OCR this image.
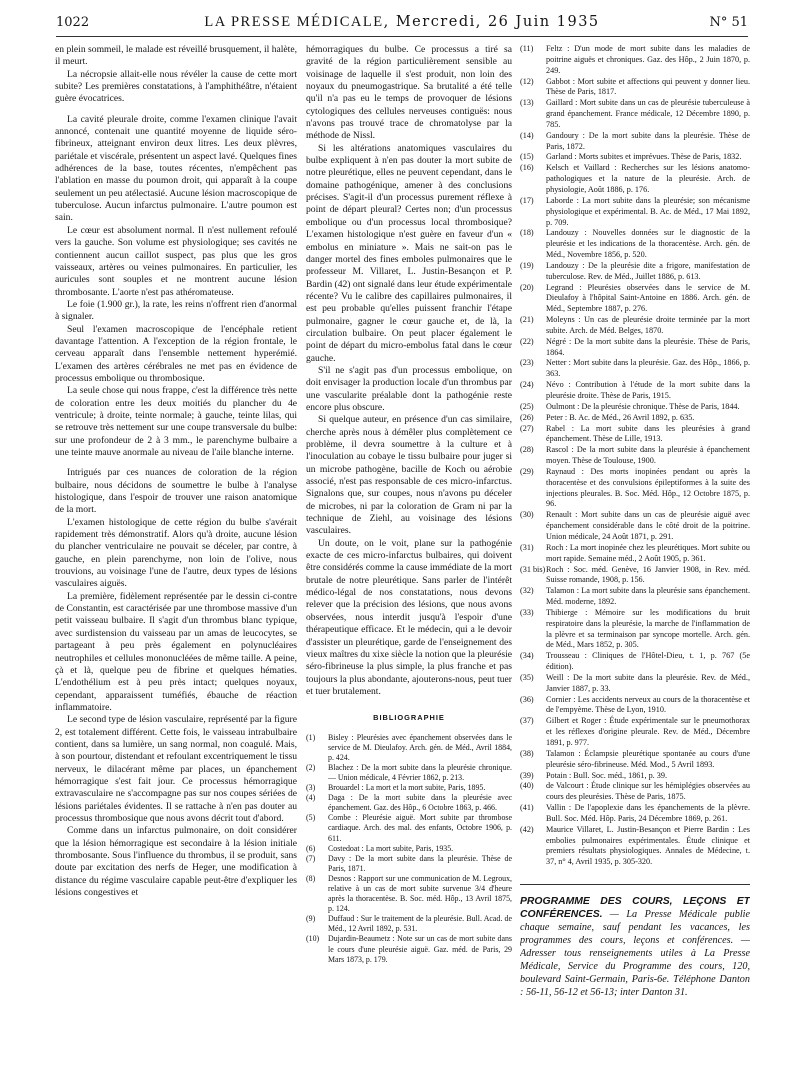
1022	LA PRESSE MÉDICALE, Mercredi, 26 Juin 1935	N° 51

en plein sommeil, le malade est réveillé brusquement, il halète, il meurt.

La nécropsie allait-elle nous révéler la cause de cette mort subite? Les premières constatations, à l'amphithéâtre, n'étaient guère évocatrices.

La cavité pleurale droite, comme l'examen clinique l'avait annoncé, contenait une quantité moyenne de liquide séro-fibrineux, atteignant environ deux litres. Les deux plèvres, pariétale et viscérale, présentent un aspect lavé. Quelques fines adhérences de la base, toutes récentes, n'empêchent pas l'ablation en masse du poumon droit, qui apparaît à la coupe seulement un peu atélectasié. Aucune lésion macroscopique de tuberculose. Aucun infarctus pulmonaire. L'autre poumon est sain.

Le cœur est absolument normal. Il n'est nullement refoulé vers la gauche. Son volume est physiologique; ses cavités ne contiennent aucun caillot suspect, pas plus que les gros vaisseaux, artères ou veines pulmonaires. En particulier, les auricules sont souples et ne montrent aucune lésion thrombosante. L'aorte n'est pas athéromateuse.

Le foie (1.900 gr.), la rate, les reins n'offrent rien d'anormal à signaler.

Seul l'examen macroscopique de l'encéphale retient davantage l'attention. A l'exception de la région frontale, le cerveau apparaît dans l'ensemble nettement hyperémié. L'examen des artères cérébrales ne met pas en évidence de processus embolique ou thrombosique.

La seule chose qui nous frappe, c'est la différence très nette de coloration entre les deux moitiés du plancher du 4e ventricule; à droite, teinte normale; à gauche, teinte lilas, qui se retrouve très nettement sur une coupe transversale du bulbe: sur une profondeur de 2 à 3 mm., le parenchyme bulbaire a une teinte mauve anormale au niveau de l'aile blanche interne.

Intrigués par ces nuances de coloration de la région bulbaire, nous décidons de soumettre le bulbe à l'analyse histologique, dans l'espoir de trouver une raison anatomique de la mort.

L'examen histologique de cette région du bulbe s'avérait rapidement très démonstratif. Alors qu'à droite, aucune lésion du plancher ventriculaire ne pouvait se déceler, par contre, à gauche, en plein parenchyme, non loin de l'olive, nous trouvions, au voisinage l'une de l'autre, deux types de lésions vasculaires aiguës.

La première, fidèlement représentée par le dessin ci-contre de Constantin, est caractérisée par une thrombose massive d'un petit vaisseau bulbaire. Il s'agit d'un thrombus blanc typique, avec surdistension du vaisseau par un amas de leucocytes, se partageant à peu près également en polynucléaires neutrophiles et cellules mononucléées de même taille. A peine, çà et là, quelque peu de fibrine et quelques hématies. L'endothélium est à peu près intact; quelques noyaux, cependant, apparaissent tuméfiés, ébauche de réaction inflammatoire.

Le second type de lésion vasculaire, représenté par la figure 2, est totalement différent. Cette fois, le vaisseau intrabulbaire contient, dans sa lumière, un sang normal, non coagulé. Mais, à son pourtour, distendant et refoulant excentriquement le tissu nerveux, le dilacérant même par places, un épanchement hémorragique s'est fait jour. Ce processus hémorragique extravasculaire ne s'accompagne pas sur nos coupes sériées de lésions pariétales évidentes. Il se rattache à n'en pas douter au processus thrombosique que nous avons décrit tout d'abord.

Comme dans un infarctus pulmonaire, on doit considérer que la lésion hémorragique est secondaire à la lésion initiale thrombosante. Sous l'influence du thrombus, il se produit, sans doute par excitation des nerfs de Heger, une modification à distance du régime vasculaire capable peut-être d'expliquer les lésions congestives et

hémorragiques du bulbe. Ce processus a tiré sa gravité de la région particulièrement sensible au voisinage de laquelle il s'est produit, non loin des noyaux du pneumogastrique. Sa brutalité a été telle qu'il n'a pas eu le temps de provoquer de lésions cytologiques des cellules nerveuses contiguës: nous n'avons pas trouvé trace de chromatolyse par la méthode de Nissl.

Si les altérations anatomiques vasculaires du bulbe expliquent à n'en pas douter la mort subite de notre pleurétique, elles ne peuvent cependant, dans le domaine pathogénique, amener à des conclusions précises. S'agit-il d'un processus purement réflexe à point de départ pleural? Certes non; d'un processus embolique ou d'un processus local thrombosique? L'examen histologique n'est guère en faveur d'un « embolus en miniature ». Mais ne sait-on pas le danger mortel des fines emboles pulmonaires que le professeur M. Villaret, L. Justin-Besançon et P. Bardin (42) ont signalé dans leur étude expérimentale récente? Vu le calibre des capillaires pulmonaires, il est peu probable qu'elles puissent franchir l'étape pulmonaire, gagner le cœur gauche et, de là, la circulation bulbaire. On peut placer également le point de départ du micro-embolus fatal dans le cœur gauche.

S'il ne s'agit pas d'un processus embolique, on doit envisager la production locale d'un thrombus par une vascularite préalable dont la pathogénie reste encore plus obscure.

Si quelque auteur, en présence d'un cas similaire, cherche après nous à démêler plus complètement ce problème, il devra soumettre à la culture et à l'inoculation au cobaye le tissu bulbaire pour juger si un microbe pathogène, bacille de Koch ou aérobie associé, n'est pas responsable de ces micro-infarctus. Signalons que, sur coupes, nous n'avons pu déceler de microbes, ni par la coloration de Gram ni par la technique de Ziehl, au voisinage des lésions vasculaires.

Un doute, on le voit, plane sur la pathogénie exacte de ces micro-infarctus bulbaires, qui doivent être considérés comme la cause immédiate de la mort brutale de notre pleurétique. Sans parler de l'intérêt médico-légal de nos constatations, nous devons relever que la précision des lésions, que nous avons observées, nous interdit jusqu'à l'espoir d'une thérapeutique efficace. Et le médecin, qui a le devoir d'assister un pleurétique, garde de l'enseignement des vieux maîtres du xixe siècle la notion que la pleurésie séro-fibrineuse la plus simple, la plus franche et pas toujours la plus abondante, ajouterons-nous, peut tuer et tuer brutalement.

BIBLIOGRAPHIE
(1)	Bisley : Pleurésies avec épanchement observées dans le service de M. Dieulafoy. Arch. gén. de Méd., Avril 1884, p. 424.
(2)	Blachez : De la mort subite dans la pleurésie chronique. — Union médicale, 4 Février 1862, p. 213.
(3)	Brouardel : La mort et la mort subite, Paris, 1895.
(4)	Daga : De la mort subite dans la pleurésie avec épanchement. Gaz. des Hôp., 6 Octobre 1863, p. 466.
(5)	Combe : Pleurésie aiguë. Mort subite par thrombose cardiaque. Arch. des mal. des enfants, Octobre 1906, p. 611.
(6)	Costedoat : La mort subite, Paris, 1935.
(7)	Davy : De la mort subite dans la pleurésie. Thèse de Paris, 1871.
(8)	Desnos : Rapport sur une communication de M. Legroux, relative à un cas de mort subite survenue 3/4 d'heure après la thoracentèse. B. Soc. méd. Hôp., 13 Avril 1875, p. 124.
(9)	Duffaud : Sur le traitement de la pleurésie. Bull. Acad. de Méd., 12 Avril 1892, p. 531.
(10)	Dujardin-Beaumetz : Note sur un cas de mort subite dans le cours d'une pleurésie aiguë. Gaz. méd. de Paris, 29 Mars 1873, p. 179.
(11)	Feltz : D'un mode de mort subite dans les maladies de poitrine aiguës et chroniques. Gaz. des Hôp., 2 Juin 1870, p. 249.
(12)	Gabbot : Mort subite et affections qui peuvent y donner lieu. Thèse de Paris, 1817.
(13)	Gaillard : Mort subite dans un cas de pleurésie tuberculeuse à grand épanchement. France médicale, 12 Décembre 1890, p. 785.
(14)	Gandoury : De la mort subite dans la pleurésie. Thèse de Paris, 1872.
(15)	Garland : Morts subites et imprévues. Thèse de Paris, 1832.
(16)	Kelsch et Vaillard : Recherches sur les lésions anatomo-pathologiques et la nature de la pleurésie. Arch. de physiologie, Août 1886, p. 176.
(17)	Laborde : La mort subite dans la pleurésie; son mécanisme physiologique et expérimental. B. Ac. de Méd., 17 Mai 1892, p. 709.
(18)	Landouzy : Nouvelles données sur le diagnostic de la pleurésie et les indications de la thoracentèse. Arch. gén. de Méd., Novembre 1856, p. 520.
(19)	Landouzy : De la pleurésie dite a frigore, manifestation de tuberculose. Rev. de Méd., Juillet 1886, p. 613.
(20)	Legrand : Pleurésies observées dans le service de M. Dieulafoy à l'hôpital Saint-Antoine en 1886. Arch. gén. de Méd., Septembre 1887, p. 276.
(21)	Moleyns : Un cas de pleurésie droite terminée par la mort subite. Arch. de Méd. Belges, 1870.
(22)	Négré : De la mort subite dans la pleurésie. Thèse de Paris, 1864.
(23)	Netter : Mort subite dans la pleurésie. Gaz. des Hôp., 1866, p. 363.
(24)	Névo : Contribution à l'étude de la mort subite dans la pleurésie droite. Thèse de Paris, 1915.
(25)	Oulmont : De la pleurésie chronique. Thèse de Paris, 1844.
(26)	Peter : B. Ac. de Méd., 26 Avril 1892, p. 635.
(27)	Rabel : La mort subite dans les pleurésies à grand épanchement. Thèse de Lille, 1913.
(28)	Rascol : De la mort subite dans la pleurésie à épanchement moyen. Thèse de Toulouse, 1900.
(29)	Raynaud : Des morts inopinées pendant ou après la thoracentèse et des convulsions épileptiformes à la suite des injections pleurales. B. Soc. Méd. Hôp., 12 Octobre 1875, p. 96.
(30)	Renault : Mort subite dans un cas de pleurésie aiguë avec épanchement considérable dans le côté droit de la poitrine. Union médicale, 24 Août 1871, p. 291.
(31)	Roch : La mort inopinée chez les pleurétiques. Mort subite ou mort rapide. Semaine méd., 2 Août 1905, p. 361.
(31 bis) Roch : Soc. méd. Genève, 16 Janvier 1908, in Rev. méd. Suisse romande, 1908, p. 156.
(32)	Talamon : La mort subite dans la pleurésie sans épanchement. Méd. moderne, 1892.
(33)	Thibierge : Mémoire sur les modifications du bruit respiratoire dans la pleurésie, la marche de l'inflammation de la plèvre et sa terminaison par syncope mortelle. Arch. gén. de Méd., Mars 1852, p. 305.
(34)	Trousseau : Cliniques de l'Hôtel-Dieu, t. 1, p. 767 (5e édition).
(35)	Weill : De la mort subite dans la pleurésie. Rev. de Méd., Janvier 1887, p. 33.
(36)	Cornier : Les accidents nerveux au cours de la thoracentèse et de l'empyème. Thèse de Lyon, 1910.
(37)	Gilbert et Roger : Étude expérimentale sur le pneumothorax et les réflexes d'origine pleurale. Rev. de Méd., Décembre 1891, p. 977.
(38)	Talamon : Éclampsie pleurétique spontanée au cours d'une pleurésie séro-fibrineuse. Méd. Mod., 5 Avril 1893.
(39)	Potain : Bull. Soc. méd., 1861, p. 39.
(40)	de Valcourt : Étude clinique sur les hémiplégies observées au cours des pleurésies. Thèse de Paris, 1875.
(41)	Vallin : De l'apoplexie dans les épanchements de la plèvre. Bull. Soc. Méd. Hôp. Paris, 24 Décembre 1869, p. 261.
(42)	Maurice Villaret, L. Justin-Besançon et Pierre Bardin : Les embolies pulmonaires expérimentales. Étude clinique et premiers résultats physiologiques. Annales de Médecine, t. 37, n° 4, Avril 1935, p. 305-320.
PROGRAMME DES COURS, LEÇONS ET CONFÉRENCES. — La Presse Médicale publie chaque semaine, sauf pendant les vacances, les programmes des cours, leçons et conférences. — Adresser tous renseignements utiles à La Presse Médicale, Service du Programme des cours, 120, boulevard Saint-Germain, Paris-6e. Téléphone Danton : 56-11, 56-12 et 56-13; inter Danton 31.
